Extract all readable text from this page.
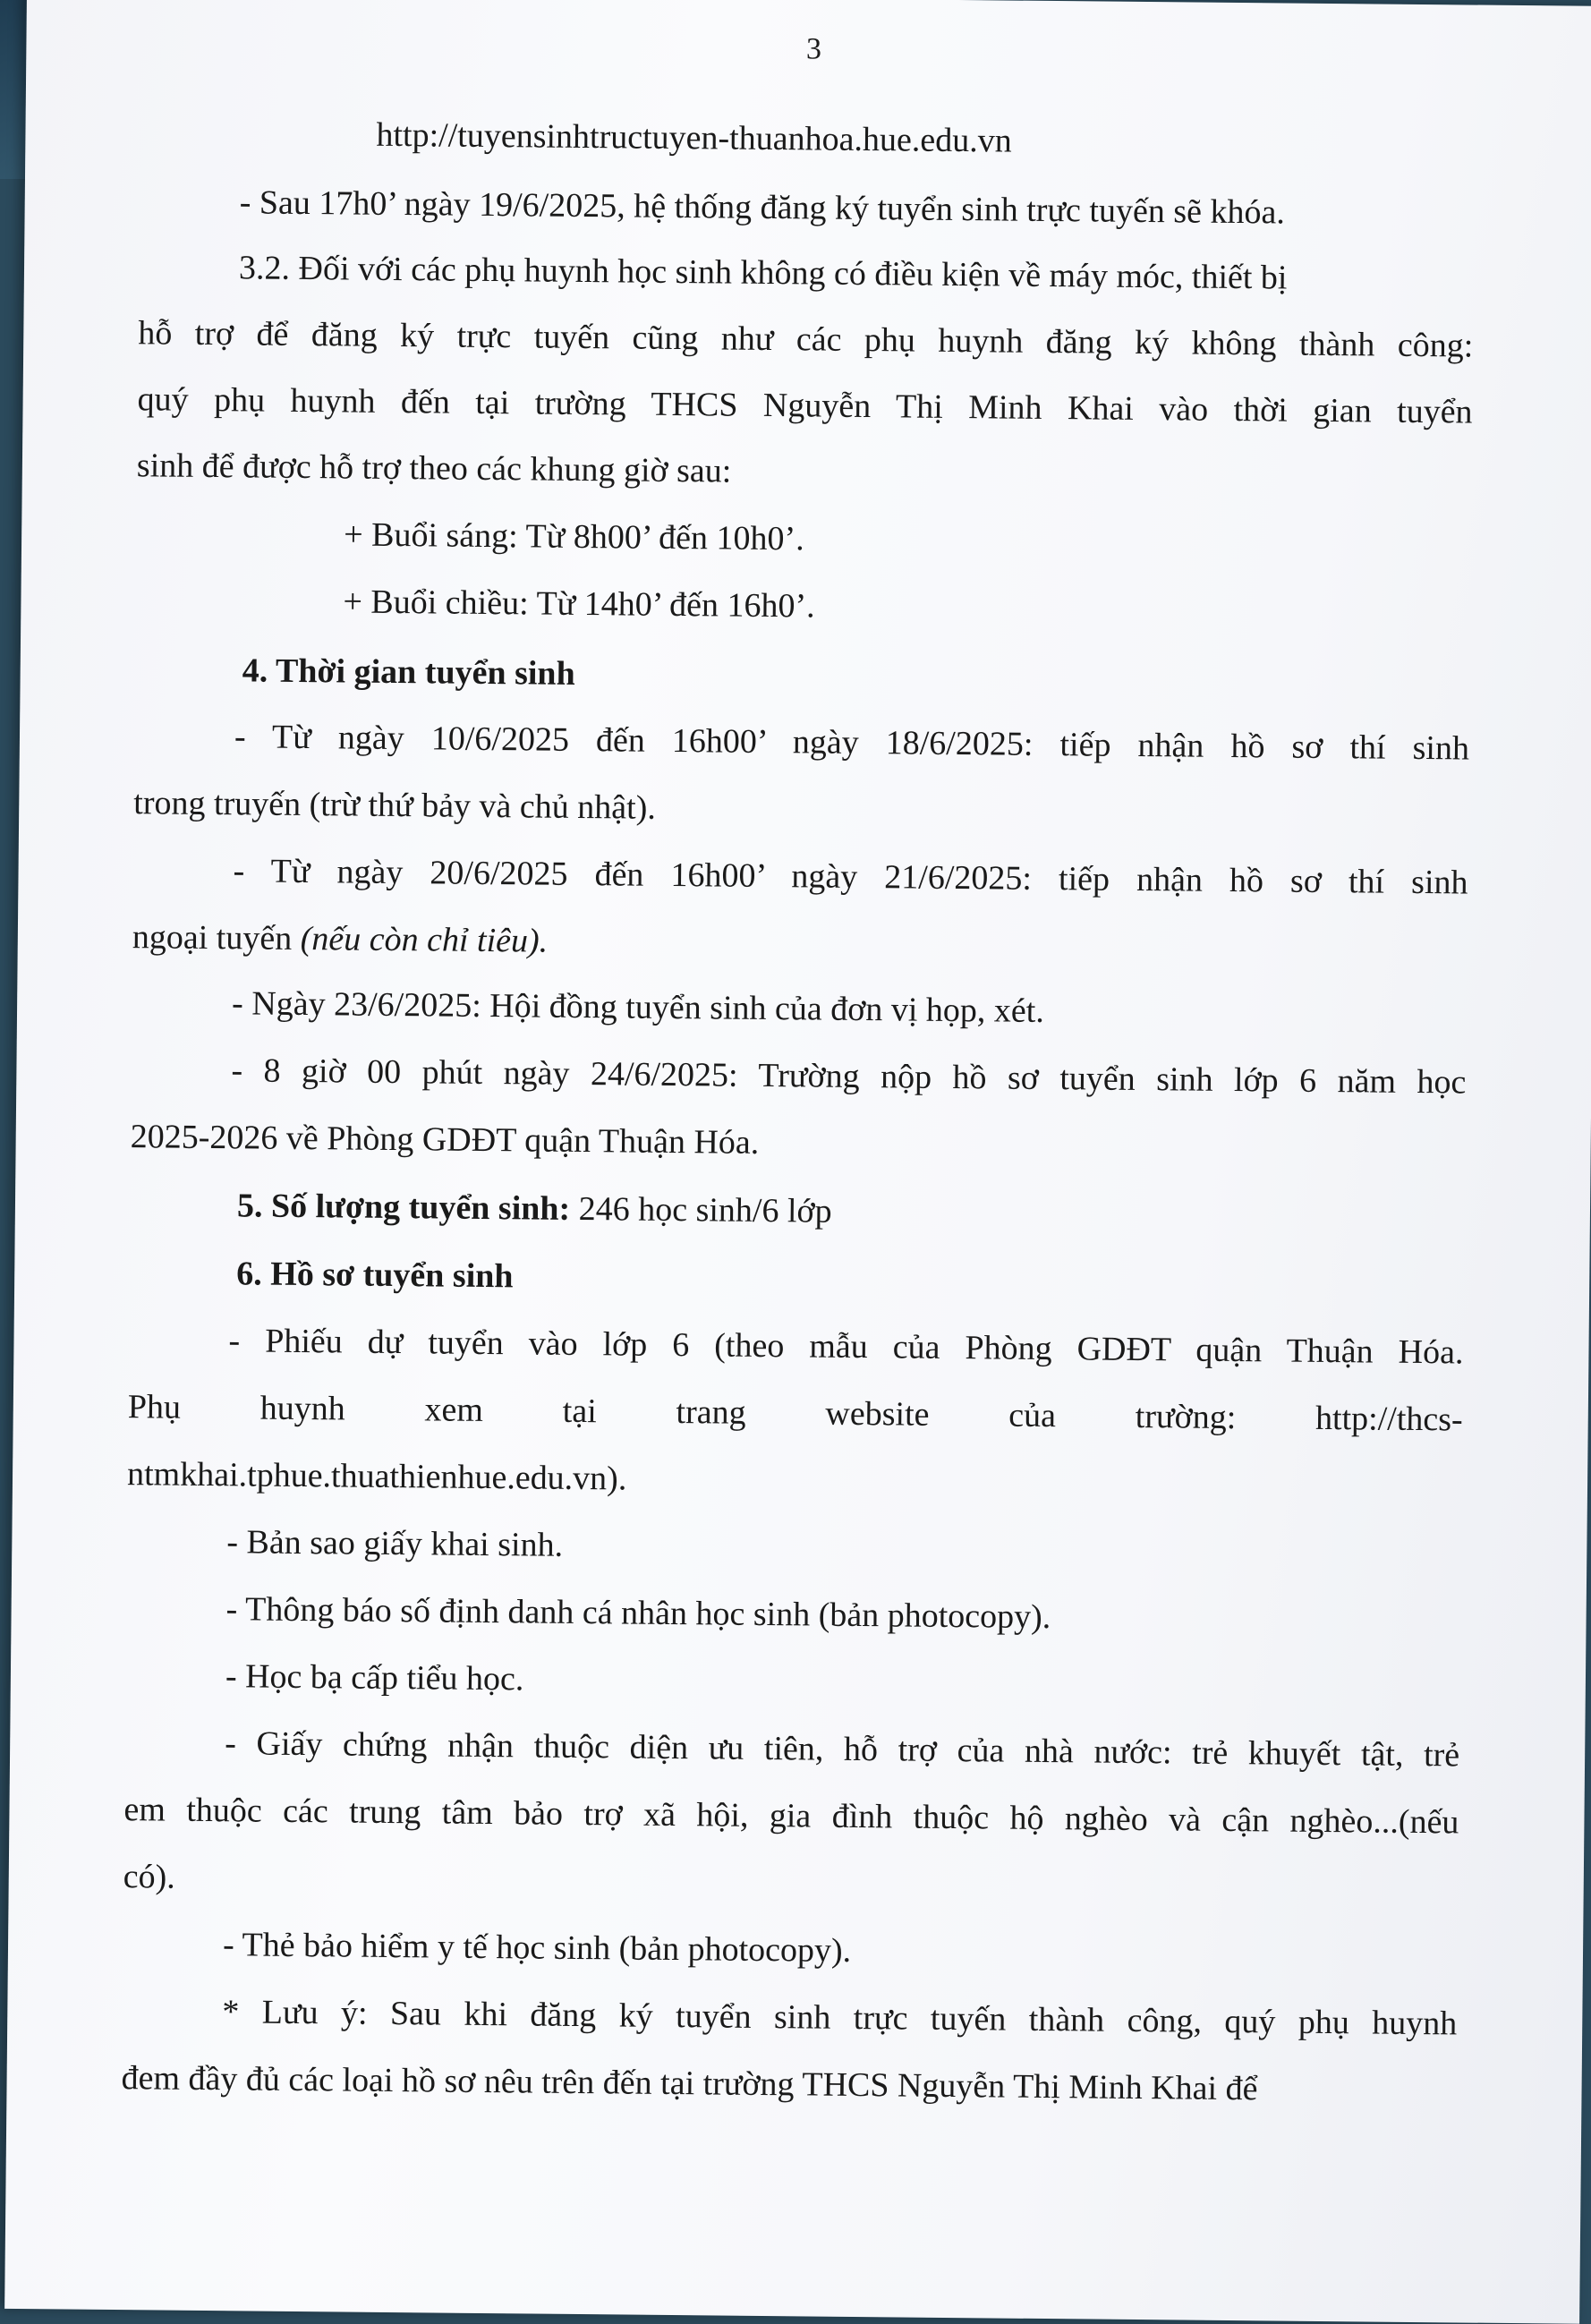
3
http://tuyensinhtructuyen-thuanhoa.hue.edu.vn
- Sau 17h0’ ngày 19/6/2025, hệ thống đăng ký tuyển sinh trực tuyến sẽ khóa.
3.2. Đối với các phụ huynh học sinh không có điều kiện về máy móc, thiết bị
hỗ trợ để đăng ký trực tuyến cũng như các phụ huynh đăng ký không thành công:
quý phụ huynh đến tại trường THCS Nguyễn Thị Minh Khai vào thời gian tuyển
sinh để được hỗ trợ theo các khung giờ sau:
+ Buổi sáng: Từ 8h00’ đến 10h0’.
+ Buổi chiều: Từ 14h0’ đến 16h0’.
4. Thời gian tuyển sinh
- Từ ngày 10/6/2025 đến 16h00’ ngày 18/6/2025: tiếp nhận hồ sơ thí sinh
trong truyến (trừ thứ bảy và chủ nhật).
- Từ ngày 20/6/2025 đến 16h00’ ngày 21/6/2025: tiếp nhận hồ sơ thí sinh
ngoại tuyến (nếu còn chỉ tiêu).
- Ngày 23/6/2025: Hội đồng tuyển sinh của đơn vị họp, xét.
- 8 giờ 00 phút ngày 24/6/2025: Trường nộp hồ sơ tuyển sinh lớp 6 năm học
2025-2026 về Phòng GDĐT quận Thuận Hóa.
5. Số lượng tuyển sinh: 246 học sinh/6 lớp
6. Hồ sơ tuyển sinh
- Phiếu dự tuyển vào lớp 6 (theo mẫu của Phòng GDĐT quận Thuận Hóa.
Phụ huynh xem tại trang website của trường: http://thcs-
ntmkhai.tphue.thuathienhue.edu.vn).
- Bản sao giấy khai sinh.
- Thông báo số định danh cá nhân học sinh (bản photocopy).
- Học bạ cấp tiểu học.
- Giấy chứng nhận thuộc diện ưu tiên, hỗ trợ của nhà nước: trẻ khuyết tật, trẻ
em thuộc các trung tâm bảo trợ xã hội, gia đình thuộc hộ nghèo và cận nghèo...(nếu
có).
- Thẻ bảo hiểm y tế học sinh (bản photocopy).
* Lưu ý: Sau khi đăng ký tuyển sinh trực tuyến thành công, quý phụ huynh
đem đầy đủ các loại hồ sơ nêu trên đến tại trường THCS Nguyễn Thị Minh Khai để
